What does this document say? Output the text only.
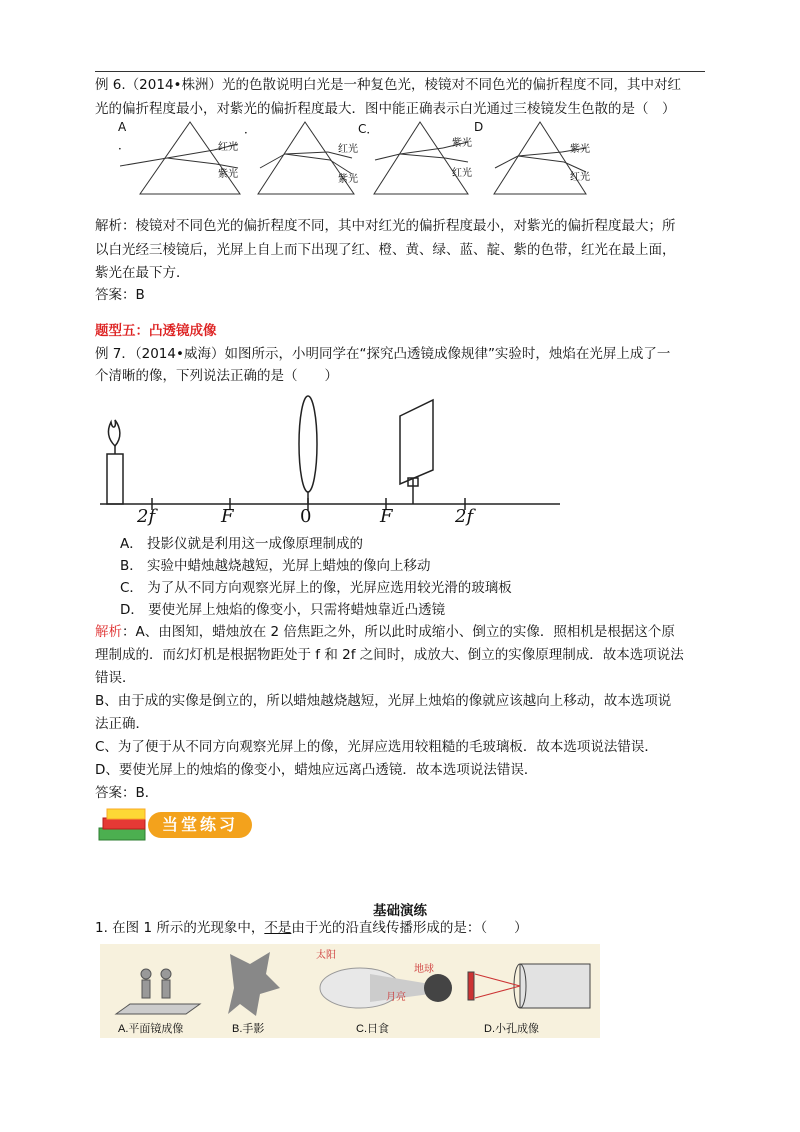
例 6.（2014•株洲）光的色散说明白光是一种复色光，棱镜对不同色光的偏折程度不同，其中对红
光的偏折程度最小，对紫光的偏折程度最大．图中能正确表示白光通过三棱镜发生色散的是（　）
A
．
．	C．	D
红光
紫光
红光
紫光
紫光
红光
紫光
红光
解析：棱镜对不同色光的偏折程度不同，其中对红光的偏折程度最小，对紫光的偏折程度最大；所
以白光经三棱镜后，光屏上自上而下出现了红、橙、黄、绿、蓝、靛、紫的色带，红光在最上面，
紫光在最下方．
答案：B
题型五：凸透镜成像
例 7．（2014•威海）如图所示，小明同学在“探究凸透镜成像规律”实验时，烛焰在光屏上成了一
个清晰的像，下列说法正确的是（　　）
2f	F	0	F	2f
A． 投影仪就是利用这一成像原理制成的
B． 实验中蜡烛越烧越短，光屏上蜡烛的像向上移动
C． 为了从不同方向观察光屏上的像，光屏应选用较光滑的玻璃板
D． 要使光屏上烛焰的像变小，只需将蜡烛靠近凸透镜
解析：A、由图知，蜡烛放在 2 倍焦距之外，所以此时成缩小、倒立的实像．照相机是根据这个原
理制成的．而幻灯机是根据物距处于 f 和 2f 之间时，成放大、倒立的实像原理制成．故本选项说法
错误．
B、由于成的实像是倒立的，所以蜡烛越烧越短，光屏上烛焰的像就应该越向上移动，故本选项说
法正确．
C、为了便于从不同方向观察光屏上的像，光屏应选用较粗糙的毛玻璃板．故本选项说法错误．
D、要使光屏上的烛焰的像变小，蜡烛应远离凸透镜．故本选项说法错误．
答案：B．
当堂练习
基础演练
1. 在图 1 所示的光现象中，不是由于光的沿直线传播形成的是：（　　）
太阳
地球
月亮
A.平面镜成像	B.手影	C.日食	D.小孔成像
